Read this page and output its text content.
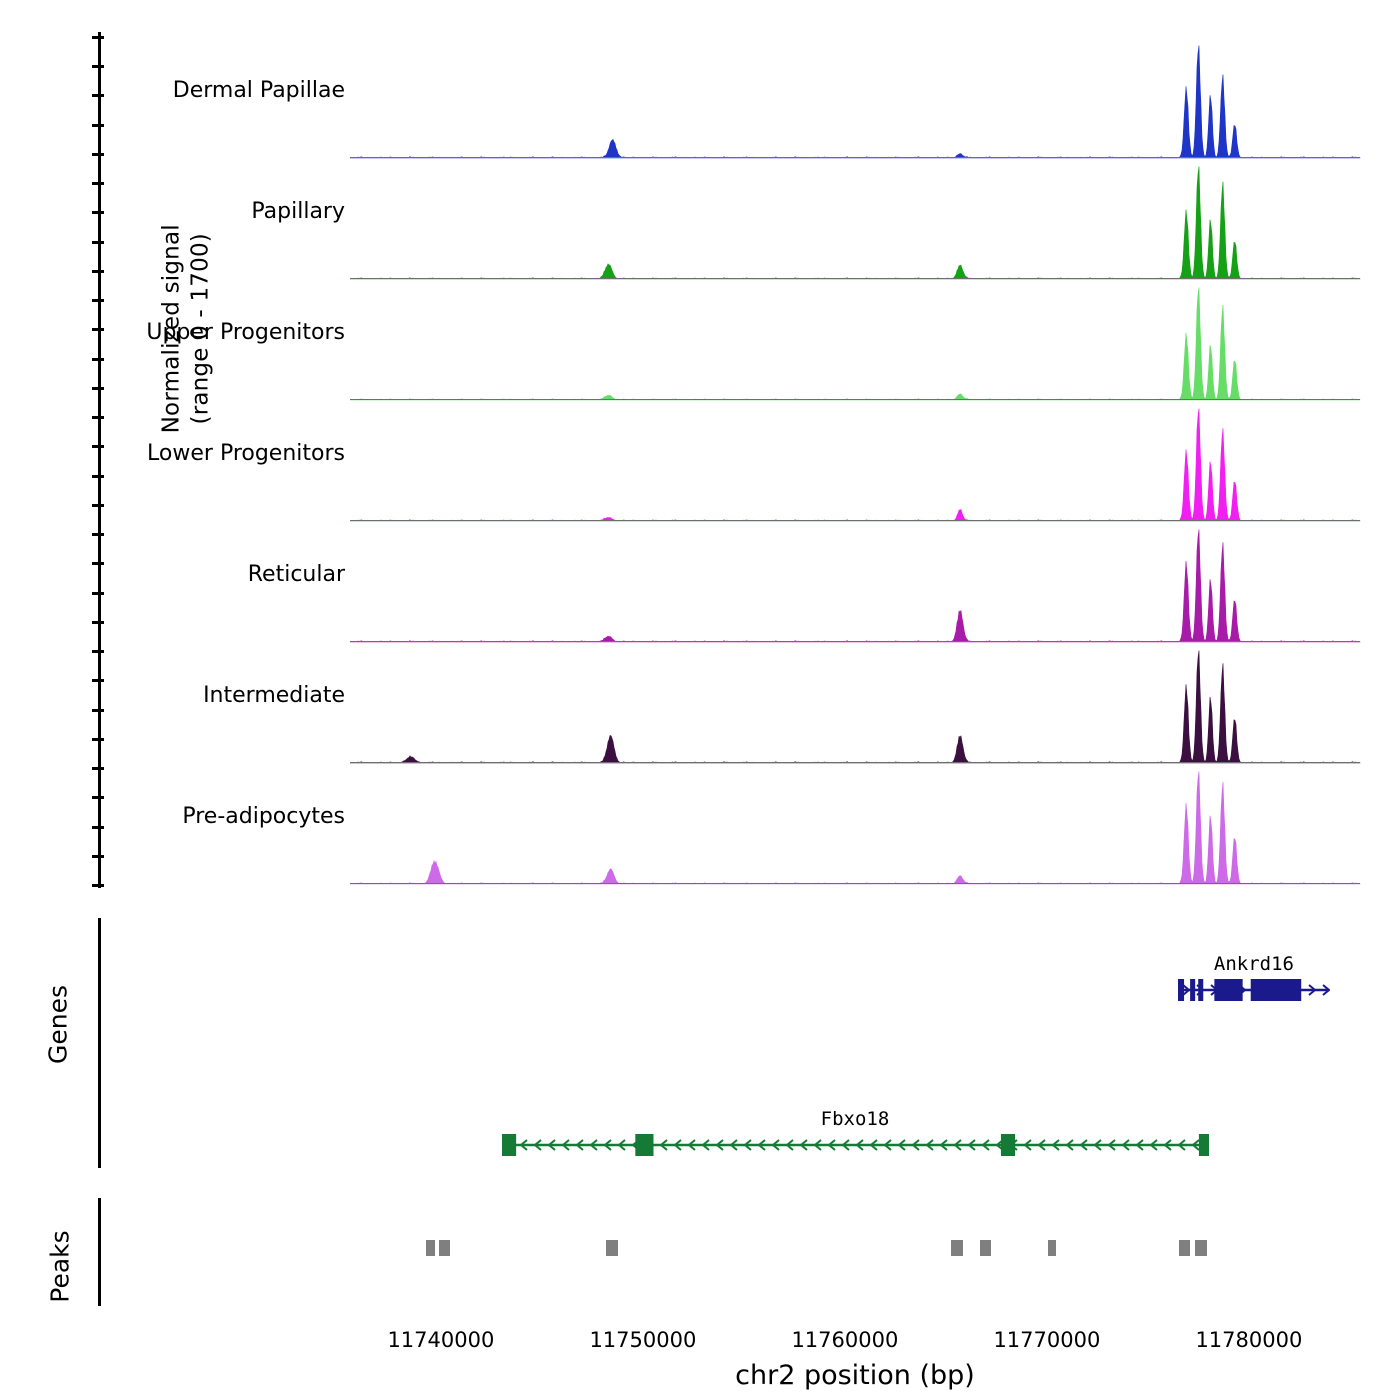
Normalized signal (range 0 - 1700)
Genes
Peaks
Dermal Papillae
Papillary
Upper Progenitors
Lower Progenitors
Reticular
Intermediate
Pre-adipocytes
Ankrd16
Fbxo18
11740000	11750000	11760000	11770000	11780000
chr2 position (bp)
